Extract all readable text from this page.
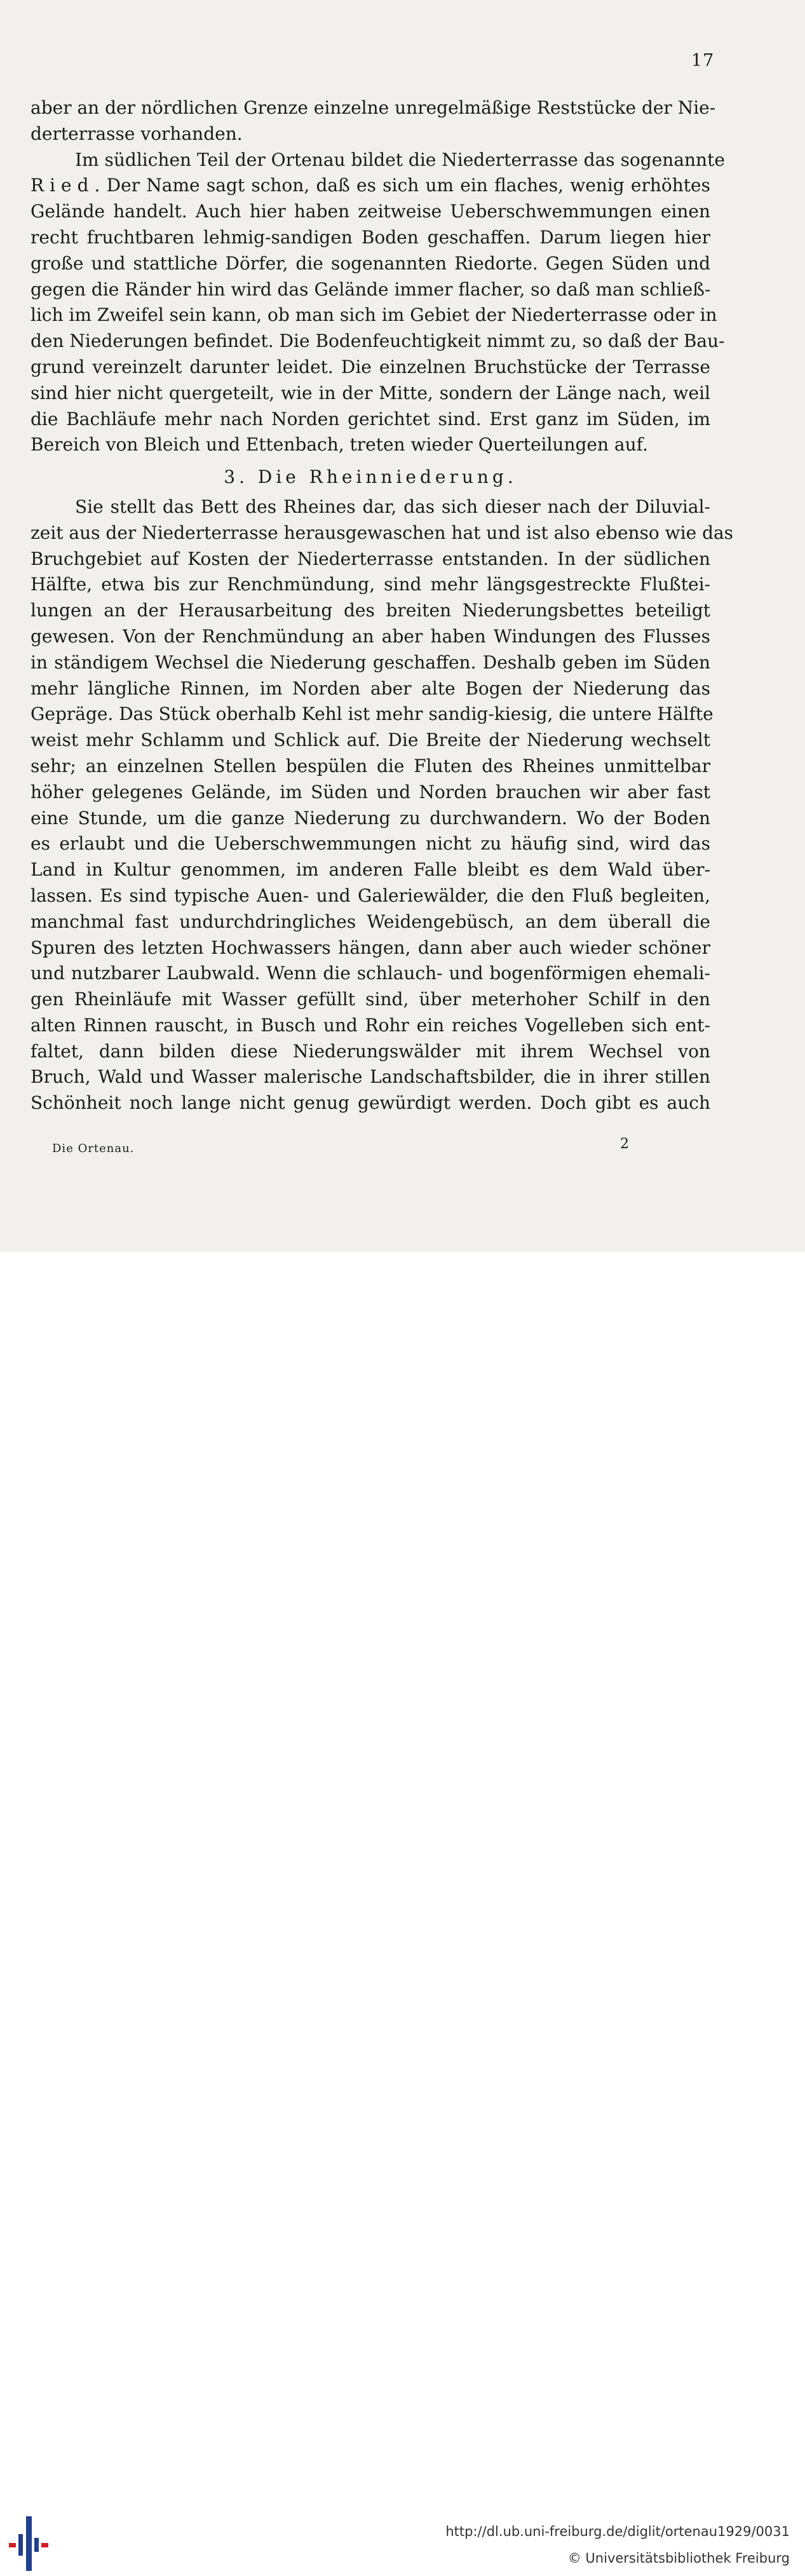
17
aber an der nördlichen Grenze einzelne unregelmäßige Reststücke der Nie-
derterrasse vorhanden.
Im südlichen Teil der Ortenau bildet die Niederterrasse das sogenannte
Ried. Der Name sagt schon, daß es sich um ein flaches, wenig erhöhtes
Gelände handelt. Auch hier haben zeitweise Ueberschwemmungen einen
recht fruchtbaren lehmig-sandigen Boden geschaffen. Darum liegen hier
große und stattliche Dörfer, die sogenannten Riedorte. Gegen Süden und
gegen die Ränder hin wird das Gelände immer flacher, so daß man schließ-
lich im Zweifel sein kann, ob man sich im Gebiet der Niederterrasse oder in
den Niederungen befindet. Die Bodenfeuchtigkeit nimmt zu, so daß der Bau-
grund vereinzelt darunter leidet. Die einzelnen Bruchstücke der Terrasse
sind hier nicht quergeteilt, wie in der Mitte, sondern der Länge nach, weil
die Bachläufe mehr nach Norden gerichtet sind. Erst ganz im Süden, im
Bereich von Bleich und Ettenbach, treten wieder Querteilungen auf.
3. Die Rheinniederung.
Sie stellt das Bett des Rheines dar, das sich dieser nach der Diluvial-
zeit aus der Niederterrasse herausgewaschen hat und ist also ebenso wie das
Bruchgebiet auf Kosten der Niederterrasse entstanden. In der südlichen
Hälfte, etwa bis zur Renchmündung, sind mehr längsgestreckte Flußtei-
lungen an der Herausarbeitung des breiten Niederungsbettes beteiligt
gewesen. Von der Renchmündung an aber haben Windungen des Flusses
in ständigem Wechsel die Niederung geschaffen. Deshalb geben im Süden
mehr längliche Rinnen, im Norden aber alte Bogen der Niederung das
Gepräge. Das Stück oberhalb Kehl ist mehr sandig-kiesig, die untere Hälfte
weist mehr Schlamm und Schlick auf. Die Breite der Niederung wechselt
sehr; an einzelnen Stellen bespülen die Fluten des Rheines unmittelbar
höher gelegenes Gelände, im Süden und Norden brauchen wir aber fast
eine Stunde, um die ganze Niederung zu durchwandern. Wo der Boden
es erlaubt und die Ueberschwemmungen nicht zu häufig sind, wird das
Land in Kultur genommen, im anderen Falle bleibt es dem Wald über-
lassen. Es sind typische Auen- und Galeriewälder, die den Fluß begleiten,
manchmal fast undurchdringliches Weidengebüsch, an dem überall die
Spuren des letzten Hochwassers hängen, dann aber auch wieder schöner
und nutzbarer Laubwald. Wenn die schlauch- und bogenförmigen ehemali-
gen Rheinläufe mit Wasser gefüllt sind, über meterhoher Schilf in den
alten Rinnen rauscht, in Busch und Rohr ein reiches Vogelleben sich ent-
faltet, dann bilden diese Niederungswälder mit ihrem Wechsel von
Bruch, Wald und Wasser malerische Landschaftsbilder, die in ihrer stillen
Schönheit noch lange nicht genug gewürdigt werden. Doch gibt es auch
Die Ortenau.	2
http://dl.ub.uni-freiburg.de/diglit/ortenau1929/0031
© Universitätsbibliothek Freiburg
